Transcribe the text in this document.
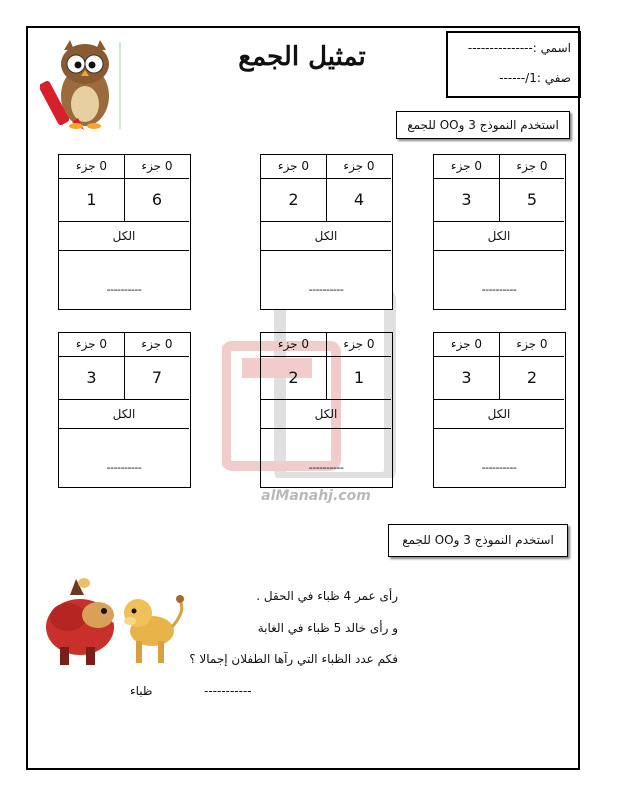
تمثيل الجمع	اسمي :---------------
صفي :1/------
استخدم النموذج 3 وOO للجمع
alManahj.com
0 جزء	0 جزء
3	5
الكل
----------
0 جزء	0 جزء
2	4
الكل
----------
0 جزء	0 جزء
1	6
الكل
----------
0 جزء	0 جزء
3	2
الكل
----------
0 جزء	0 جزء
2	1
الكل
----------
0 جزء	0 جزء
3	7
الكل
----------
استخدم النموذج 3 وOO للجمع
رأى عمر 4 ظباء في الحقل .
و رأى خالد 5 ظباء في الغابة
فكم عدد الظباء التي رآها الطفلان إجمالا ؟
-----------
ظباء
